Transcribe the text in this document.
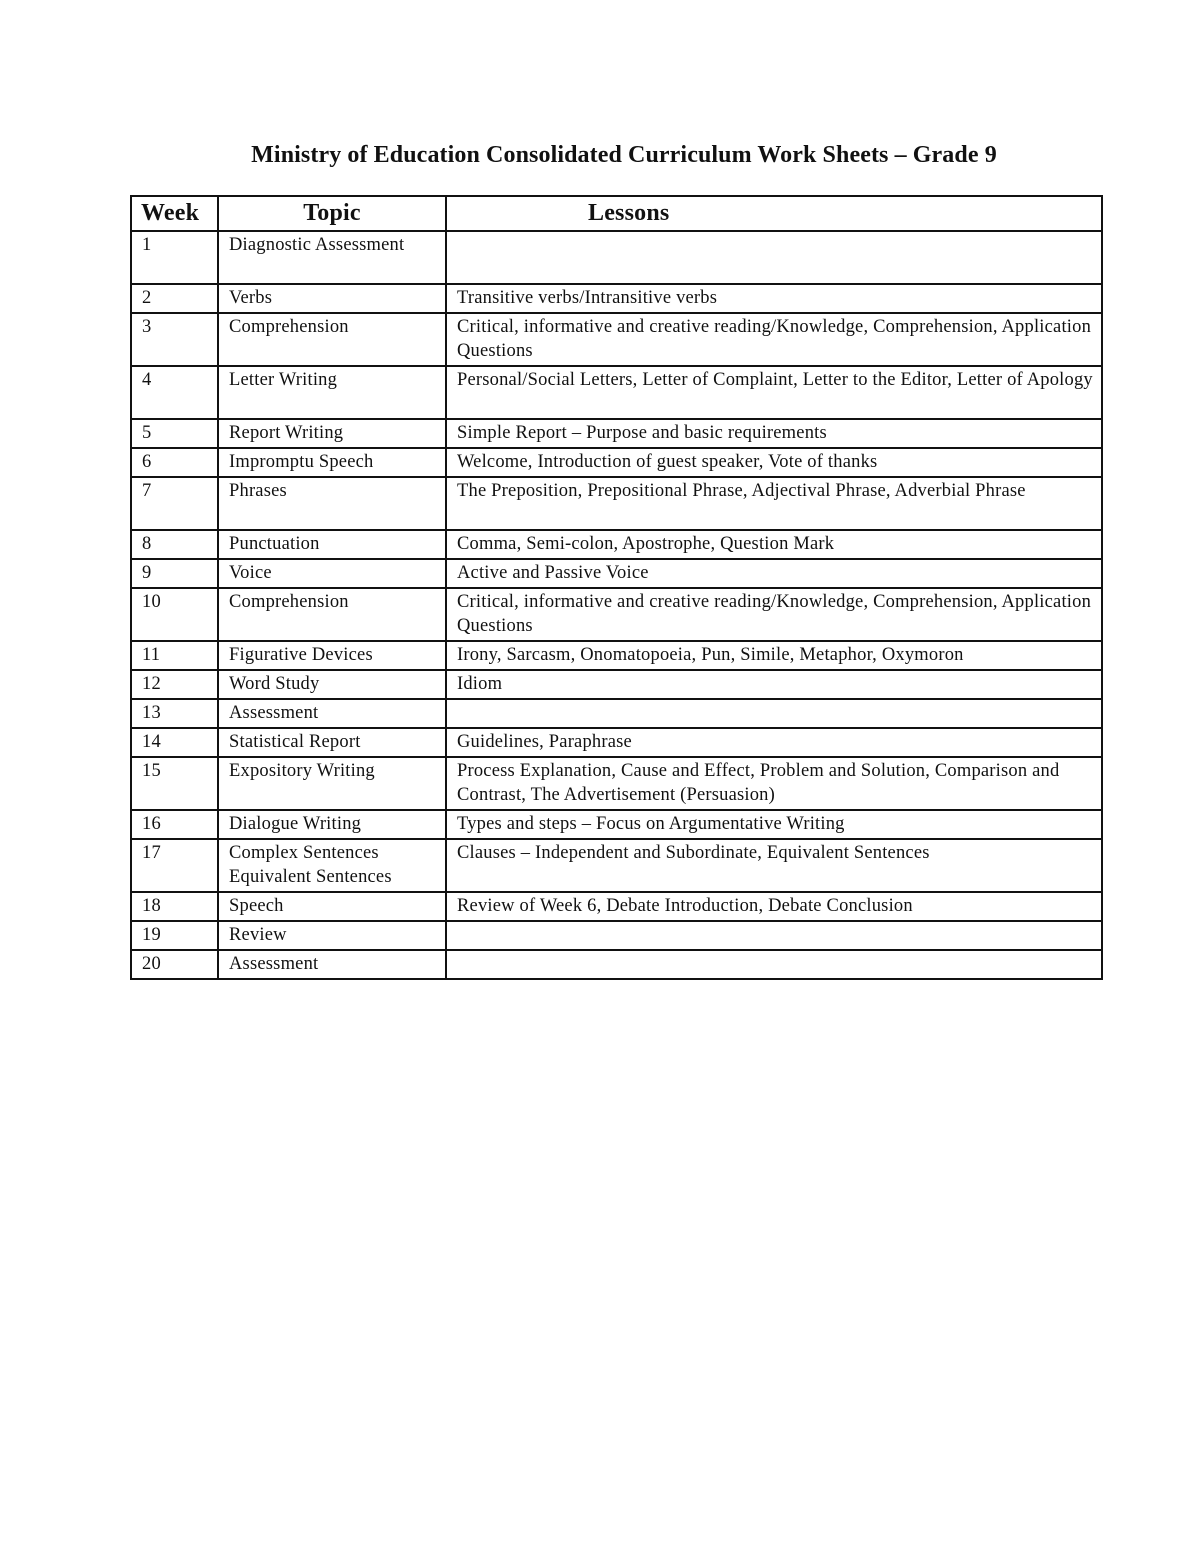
Ministry of Education Consolidated Curriculum Work Sheets – Grade 9
Week	Topic	Lessons
1	Diagnostic Assessment	
2	Verbs	Transitive verbs/Intransitive verbs
3	Comprehension	Critical, informative and creative reading/Knowledge, Comprehension, Application Questions
4	Letter Writing	Personal/Social Letters, Letter of Complaint, Letter to the Editor, Letter of Apology
5	Report Writing	Simple Report – Purpose and basic requirements
6	Impromptu Speech	Welcome, Introduction of guest speaker, Vote of thanks
7	Phrases	The Preposition, Prepositional Phrase, Adjectival Phrase, Adverbial Phrase
8	Punctuation	Comma, Semi-colon, Apostrophe, Question Mark
9	Voice	Active and Passive Voice
10	Comprehension	Critical, informative and creative reading/Knowledge, Comprehension, Application Questions
11	Figurative Devices	Irony, Sarcasm, Onomatopoeia, Pun, Simile, Metaphor, Oxymoron
12	Word Study	Idiom
13	Assessment	
14	Statistical Report	Guidelines, Paraphrase
15	Expository Writing	Process Explanation, Cause and Effect, Problem and Solution, Comparison and Contrast, The Advertisement (Persuasion)
16	Dialogue Writing	Types and steps – Focus on Argumentative Writing
17	Complex Sentences Equivalent Sentences	Clauses – Independent and Subordinate, Equivalent Sentences
18	Speech	Review of Week 6, Debate Introduction, Debate Conclusion
19	Review	
20	Assessment	
